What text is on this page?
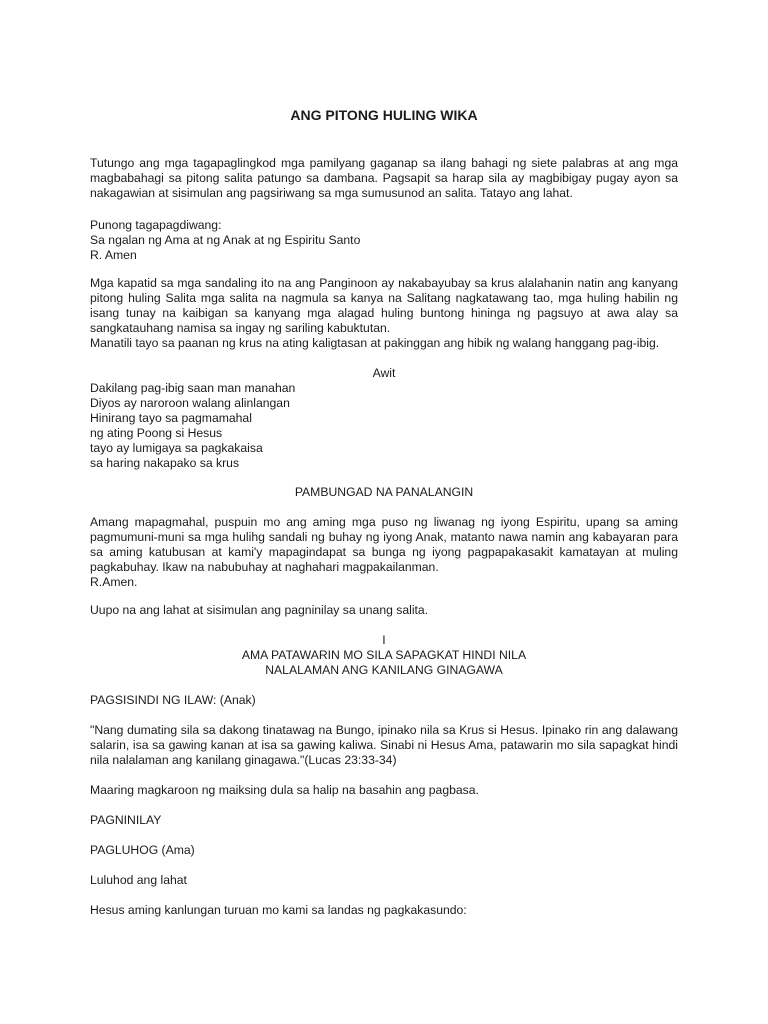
ANG PITONG HULING WIKA

Tutungo ang mga tagapaglingkod mga pamilyang gaganap sa ilang bahagi ng siete palabras at ang mga magbabahagi sa pitong salita patungo sa dambana. Pagsapit sa harap sila ay magbibigay pugay ayon sa nakagawian at sisimulan ang pagsiriwang sa mga sumusunod an salita. Tatayo ang lahat.

Punong tagapagdiwang:
Sa ngalan ng Ama at ng Anak at ng Espiritu Santo
R. Amen

Mga kapatid sa mga sandaling ito na ang Panginoon ay nakabayubay sa krus alalahanin natin ang kanyang pitong huling Salita mga salita na nagmula sa kanya na Salitang nagkatawang tao, mga huling habilin ng isang tunay na kaibigan sa kanyang mga alagad huling buntong hininga ng pagsuyo at awa alay sa sangkatauhang namisa sa ingay ng sariling kabuktutan.

Manatili tayo sa paanan ng krus na ating kaligtasan at pakinggan ang hibik ng walang hanggang pag-ibig.
Awit
Dakilang pag-ibig saan man manahan
Diyos ay naroroon walang alinlangan
Hinirang tayo sa pagmamahal
ng ating Poong si Hesus
tayo ay lumigaya sa pagkakaisa
sa haring nakapako sa krus
PAMBUNGAD NA PANALANGIN

Amang mapagmahal, puspuin mo ang aming mga puso ng liwanag ng iyong Espiritu, upang sa aming pagmumuni-muni sa mga hulihg sandali ng buhay ng iyong Anak, matanto nawa namin ang kabayaran para sa aming katubusan at kami'y mapagindapat sa bunga ng iyong pagpapakasakit kamatayan at muling pagkabuhay. Ikaw na nabubuhay at naghahari magpakailanman.

R.Amen.
Uupo na ang lahat at sisimulan ang pagninilay sa unang salita.
I
AMA PATAWARIN MO SILA SAPAGKAT HINDI NILA
NALALAMAN ANG KANILANG GINAGAWA
PAGSISINDI NG ILAW: (Anak)

"Nang dumating sila sa dakong tinatawag na Bungo, ipinako nila sa Krus si Hesus. Ipinako rin ang dalawang salarin, isa sa gawing kanan at isa sa gawing kaliwa. Sinabi ni Hesus Ama, patawarin mo sila sapagkat hindi nila nalalaman ang kanilang ginagawa."(Lucas 23:33-34)

Maaring magkaroon ng maiksing dula sa halip na basahin ang pagbasa.
PAGNINILAY
PAGLUHOG (Ama)
Luluhod ang lahat
Hesus aming kanlungan turuan mo kami sa landas ng pagkakasundo:
